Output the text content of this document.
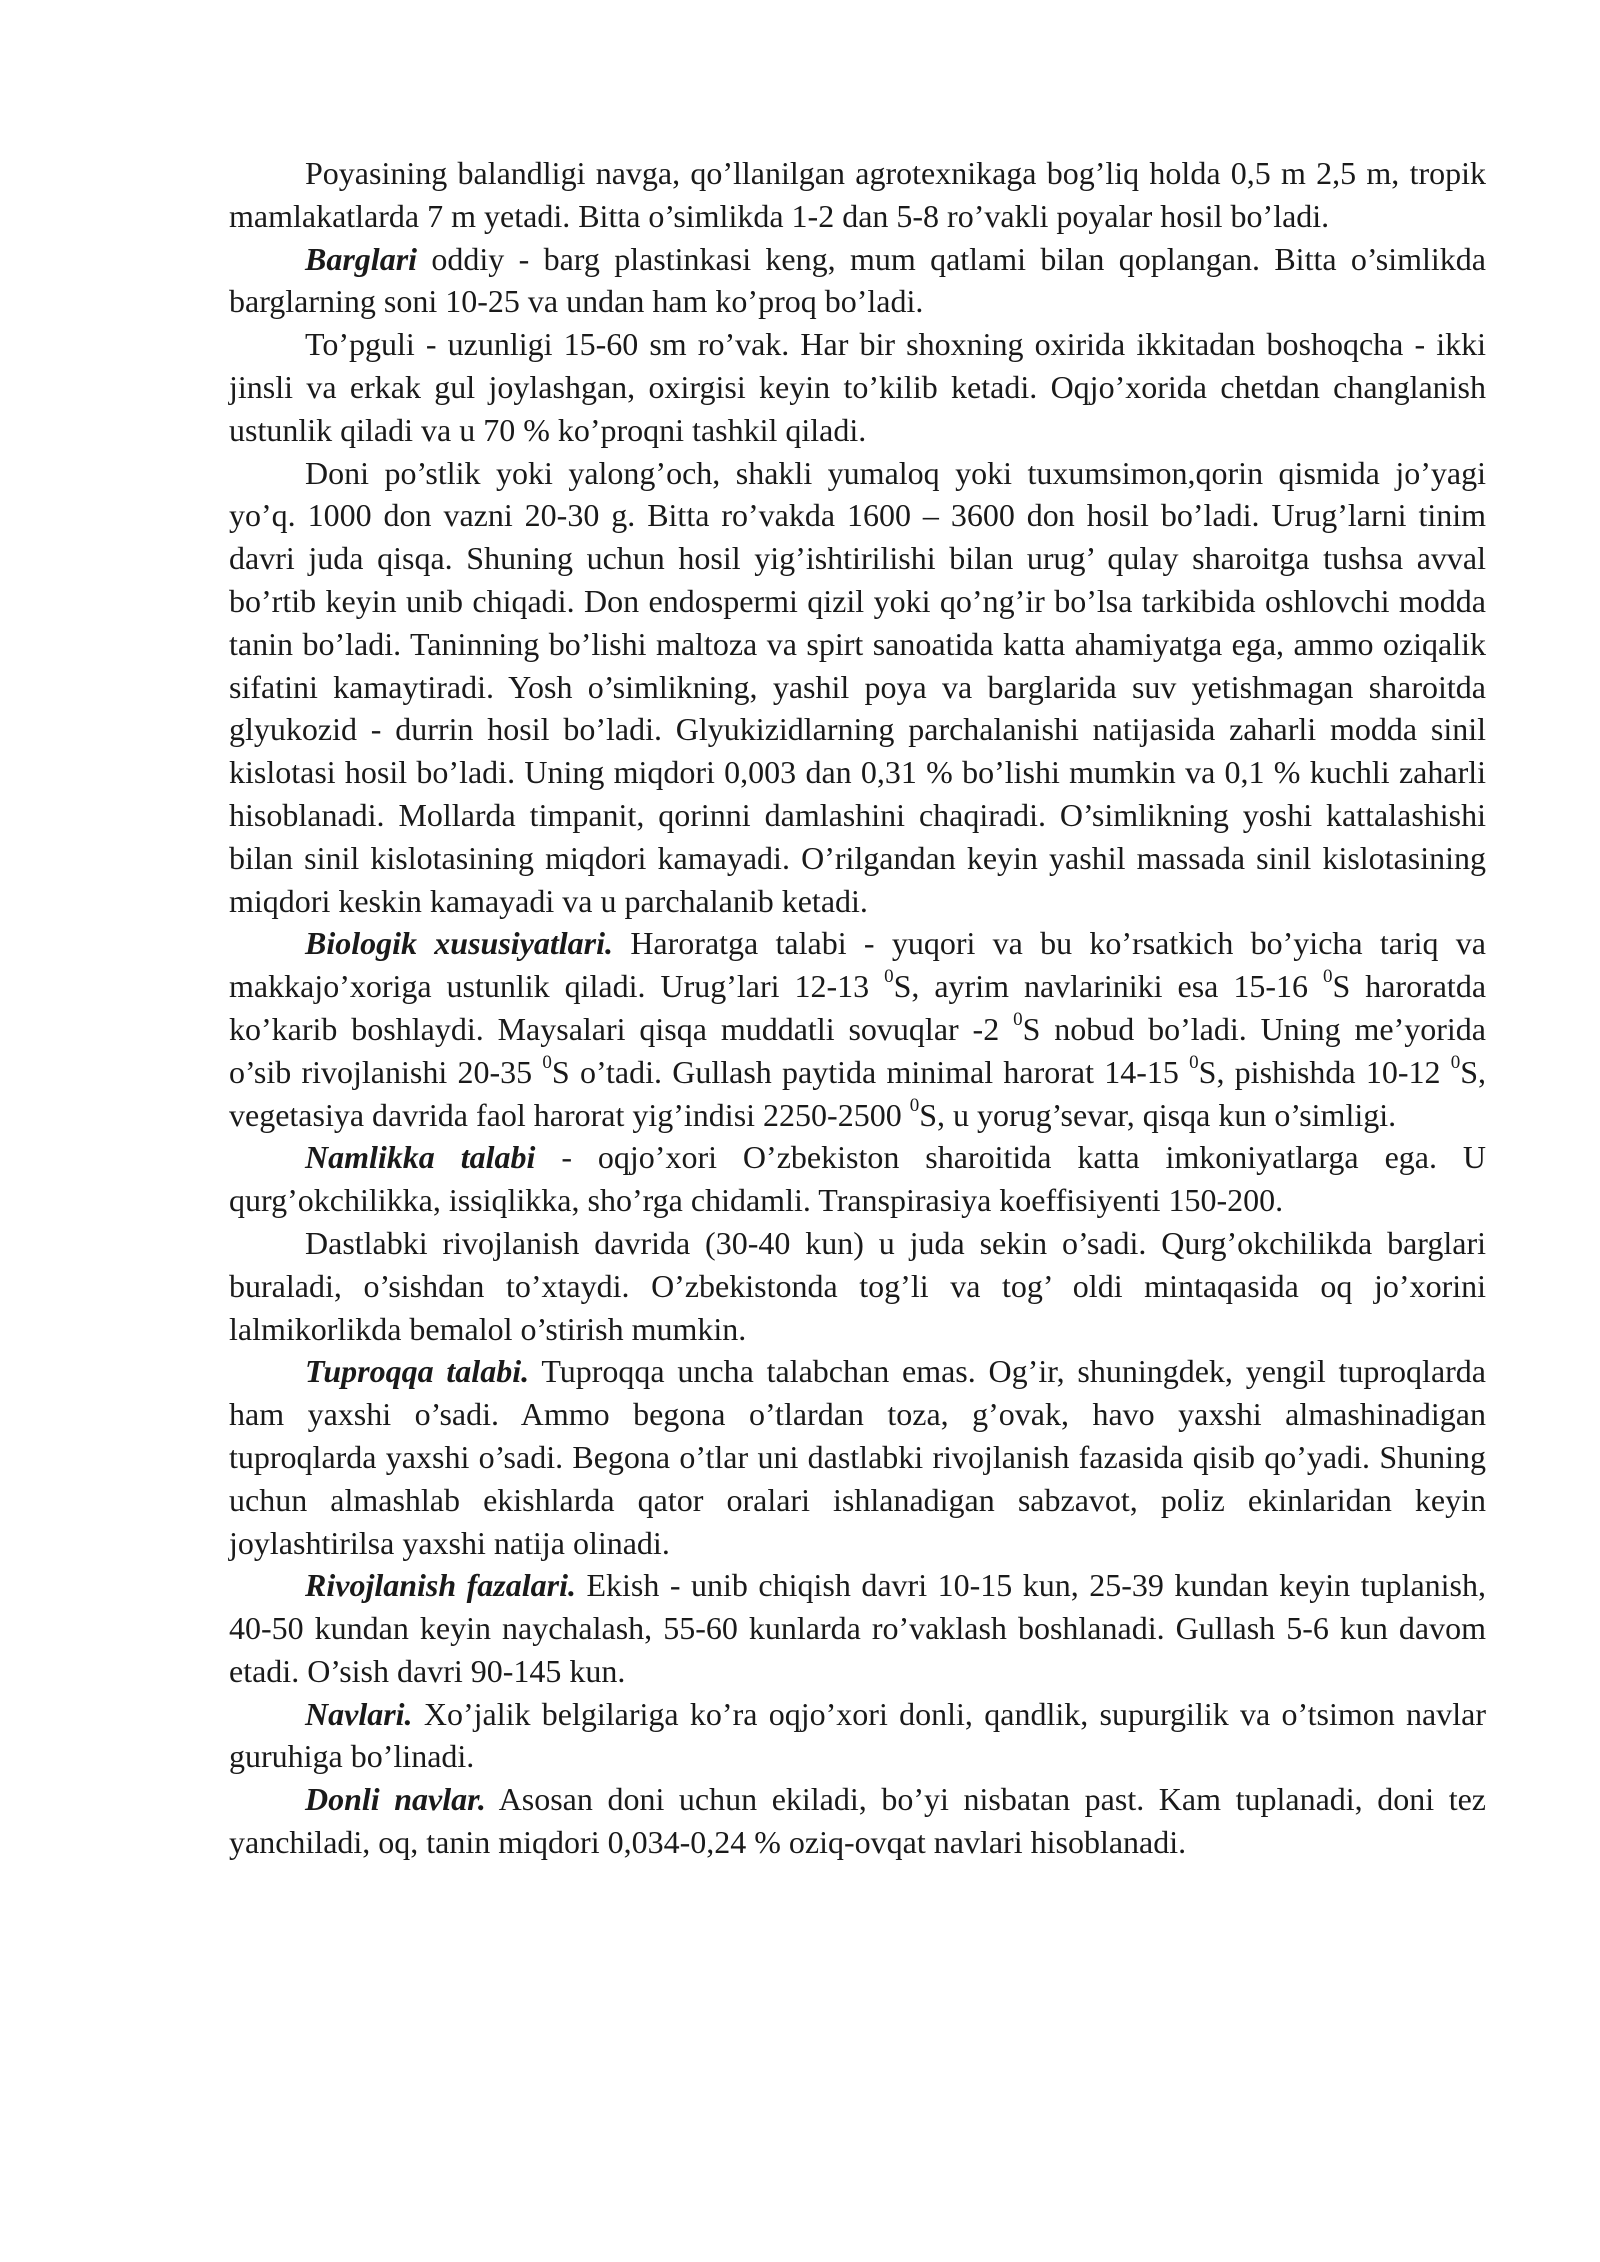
Poyasining balandligi navga, qo’llanilgan agrotexnikaga bog’liq holda 0,5 m 2,5 m, tropik mamlakatlarda 7 m yetadi. Bitta o’simlikda 1-2 dan 5-8 ro’vakli poyalar hosil bo’ladi.

Barglari oddiy - barg plastinkasi keng, mum qatlami bilan qoplangan. Bitta o’simlikda barglarning soni 10-25 va undan ham ko’proq bo’ladi.

To’pguli - uzunligi 15-60 sm ro’vak. Har bir shoxning oxirida ikkitadan boshoqcha - ikki jinsli va erkak gul joylashgan, oxirgisi keyin to’kilib ketadi. Oqjo’xorida chetdan changlanish ustunlik qiladi va u 70 % ko’proqni tashkil qiladi.

Doni po’stlik yoki yalong’och, shakli yumaloq yoki tuxumsimon,qorin qismida jo’yagi yo’q. 1000 don vazni 20-30 g. Bitta ro’vakda 1600 – 3600 don hosil bo’ladi. Urug’larni tinim davri juda qisqa. Shuning uchun hosil yig’ishtirilishi bilan urug’ qulay sharoitga tushsa avval bo’rtib keyin unib chiqadi. Don endospermi qizil yoki qo’ng’ir bo’lsa tarkibida oshlovchi modda tanin bo’ladi. Taninning bo’lishi maltoza va spirt sanoatida katta ahamiyatga ega, ammo oziqalik sifatini kamaytiradi. Yosh o’simlikning, yashil poya va barglarida suv yetishmagan sharoitda glyukozid - durrin hosil bo’ladi. Glyukizidlarning parchalanishi natijasida zaharli modda sinil kislotasi hosil bo’ladi. Uning miqdori 0,003 dan 0,31 % bo’lishi mumkin va 0,1 % kuchli zaharli hisoblanadi. Mollarda timpanit, qorinni damlashini chaqiradi. O’simlikning yoshi kattalashishi bilan sinil kislotasining miqdori kamayadi. O’rilgandan keyin yashil massada sinil kislotasining miqdori keskin kamayadi va u parchalanib ketadi.

Biologik xususiyatlari. Haroratga talabi - yuqori va bu ko’rsatkich bo’yicha tariq va makkajo’xoriga ustunlik qiladi. Urug’lari 12-13 $^0$S, ayrim navlariniki esa 15-16 $^0$S haroratda ko’karib boshlaydi. Maysalari qisqa muddatli sovuqlar -2 $^0$S nobud bo’ladi. Uning me’yorida o’sib rivojlanishi 20-35 $^0$S o’tadi. Gullash paytida minimal harorat 14-15 $^0$S, pishishda 10-12 $^0$S, vegetasiya davrida faol harorat yig’indisi 2250-2500 $^0$S, u yorug’sevar, qisqa kun o’simligi.

Namlikka talabi - oqjo’xori O’zbekiston sharoitida katta imkoniyatlarga ega. U qurg’okchilikka, issiqlikka, sho’rga chidamli. Transpirasiya koeffisiyenti 150-200.

Dastlabki rivojlanish davrida (30-40 kun) u juda sekin o’sadi. Qurg’okchilikda barglari buraladi, o’sishdan to’xtaydi. O’zbekistonda tog’li va tog’ oldi mintaqasida oq jo’xorini lalmikorlikda bemalol o’stirish mumkin.

Tuproqqa talabi. Tuproqqa uncha talabchan emas. Og’ir, shuningdek, yengil tuproqlarda ham yaxshi o’sadi. Ammo begona o’tlardan toza, g’ovak, havo yaxshi almashinadigan tuproqlarda yaxshi o’sadi. Begona o’tlar uni dastlabki rivojlanish fazasida qisib qo’yadi. Shuning uchun almashlab ekishlarda qator oralari ishlanadigan sabzavot, poliz ekinlaridan keyin joylashtirilsa yaxshi natija olinadi.

Rivojlanish fazalari. Ekish - unib chiqish davri 10-15 kun, 25-39 kundan keyin tuplanish, 40-50 kundan keyin naychalash, 55-60 kunlarda ro’vaklash boshlanadi. Gullash 5-6 kun davom etadi. O’sish davri 90-145 kun.

Navlari. Xo’jalik belgilariga ko’ra oqjo’xori donli, qandlik, supurgilik va o’tsimon navlar guruhiga bo’linadi.

Donli navlar. Asosan doni uchun ekiladi, bo’yi nisbatan past. Kam tuplanadi, doni tez yanchiladi, oq, tanin miqdori 0,034-0,24 % oziq-ovqat navlari hisoblanadi.
